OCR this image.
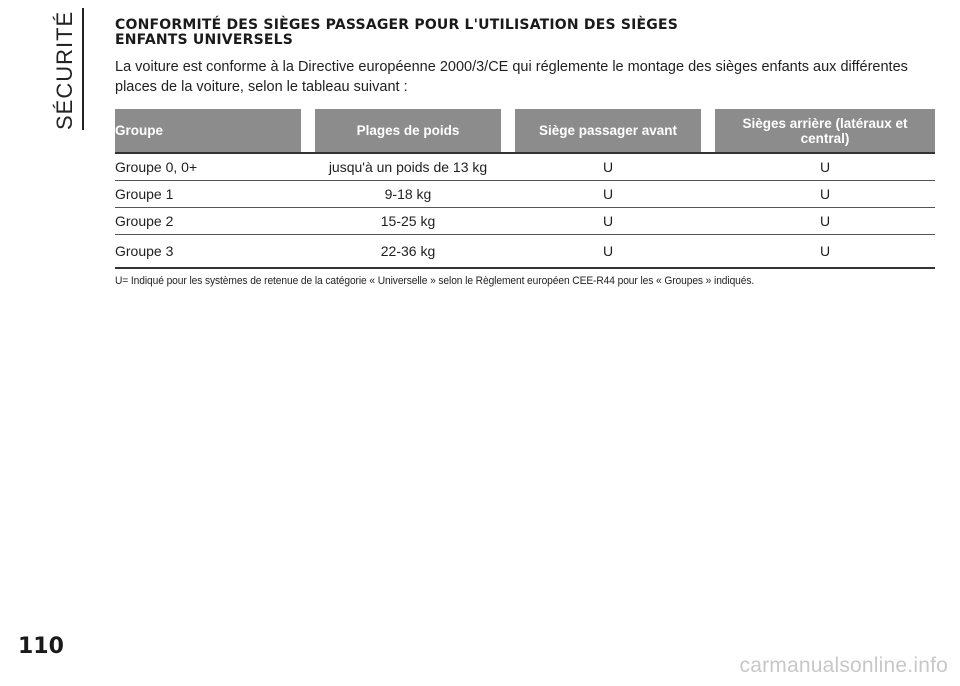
SÉCURITÉ	CONFORMITÉ DES SIÈGES PASSAGER POUR L'UTILISATION DES SIÈGES
ENFANTS UNIVERSELS

La voiture est conforme à la Directive européenne 2000/3/CE qui réglemente le montage des sièges enfants aux différentes
places de la voiture, selon le tableau suivant :

Groupe		Plages de poids		Siège passager avant		Sièges arrière (latéraux et central)
Groupe 0, 0+		jusqu'à un poids de 13 kg		U		U
Groupe 1		9-18 kg		U		U
Groupe 2		15-25 kg		U		U
Groupe 3		22-36 kg		U		U
U= Indiqué pour les systèmes de retenue de la catégorie « Universelle » selon le Règlement européen CEE-R44 pour les « Groupes » indiqués.
110
carmanualsonline.info
